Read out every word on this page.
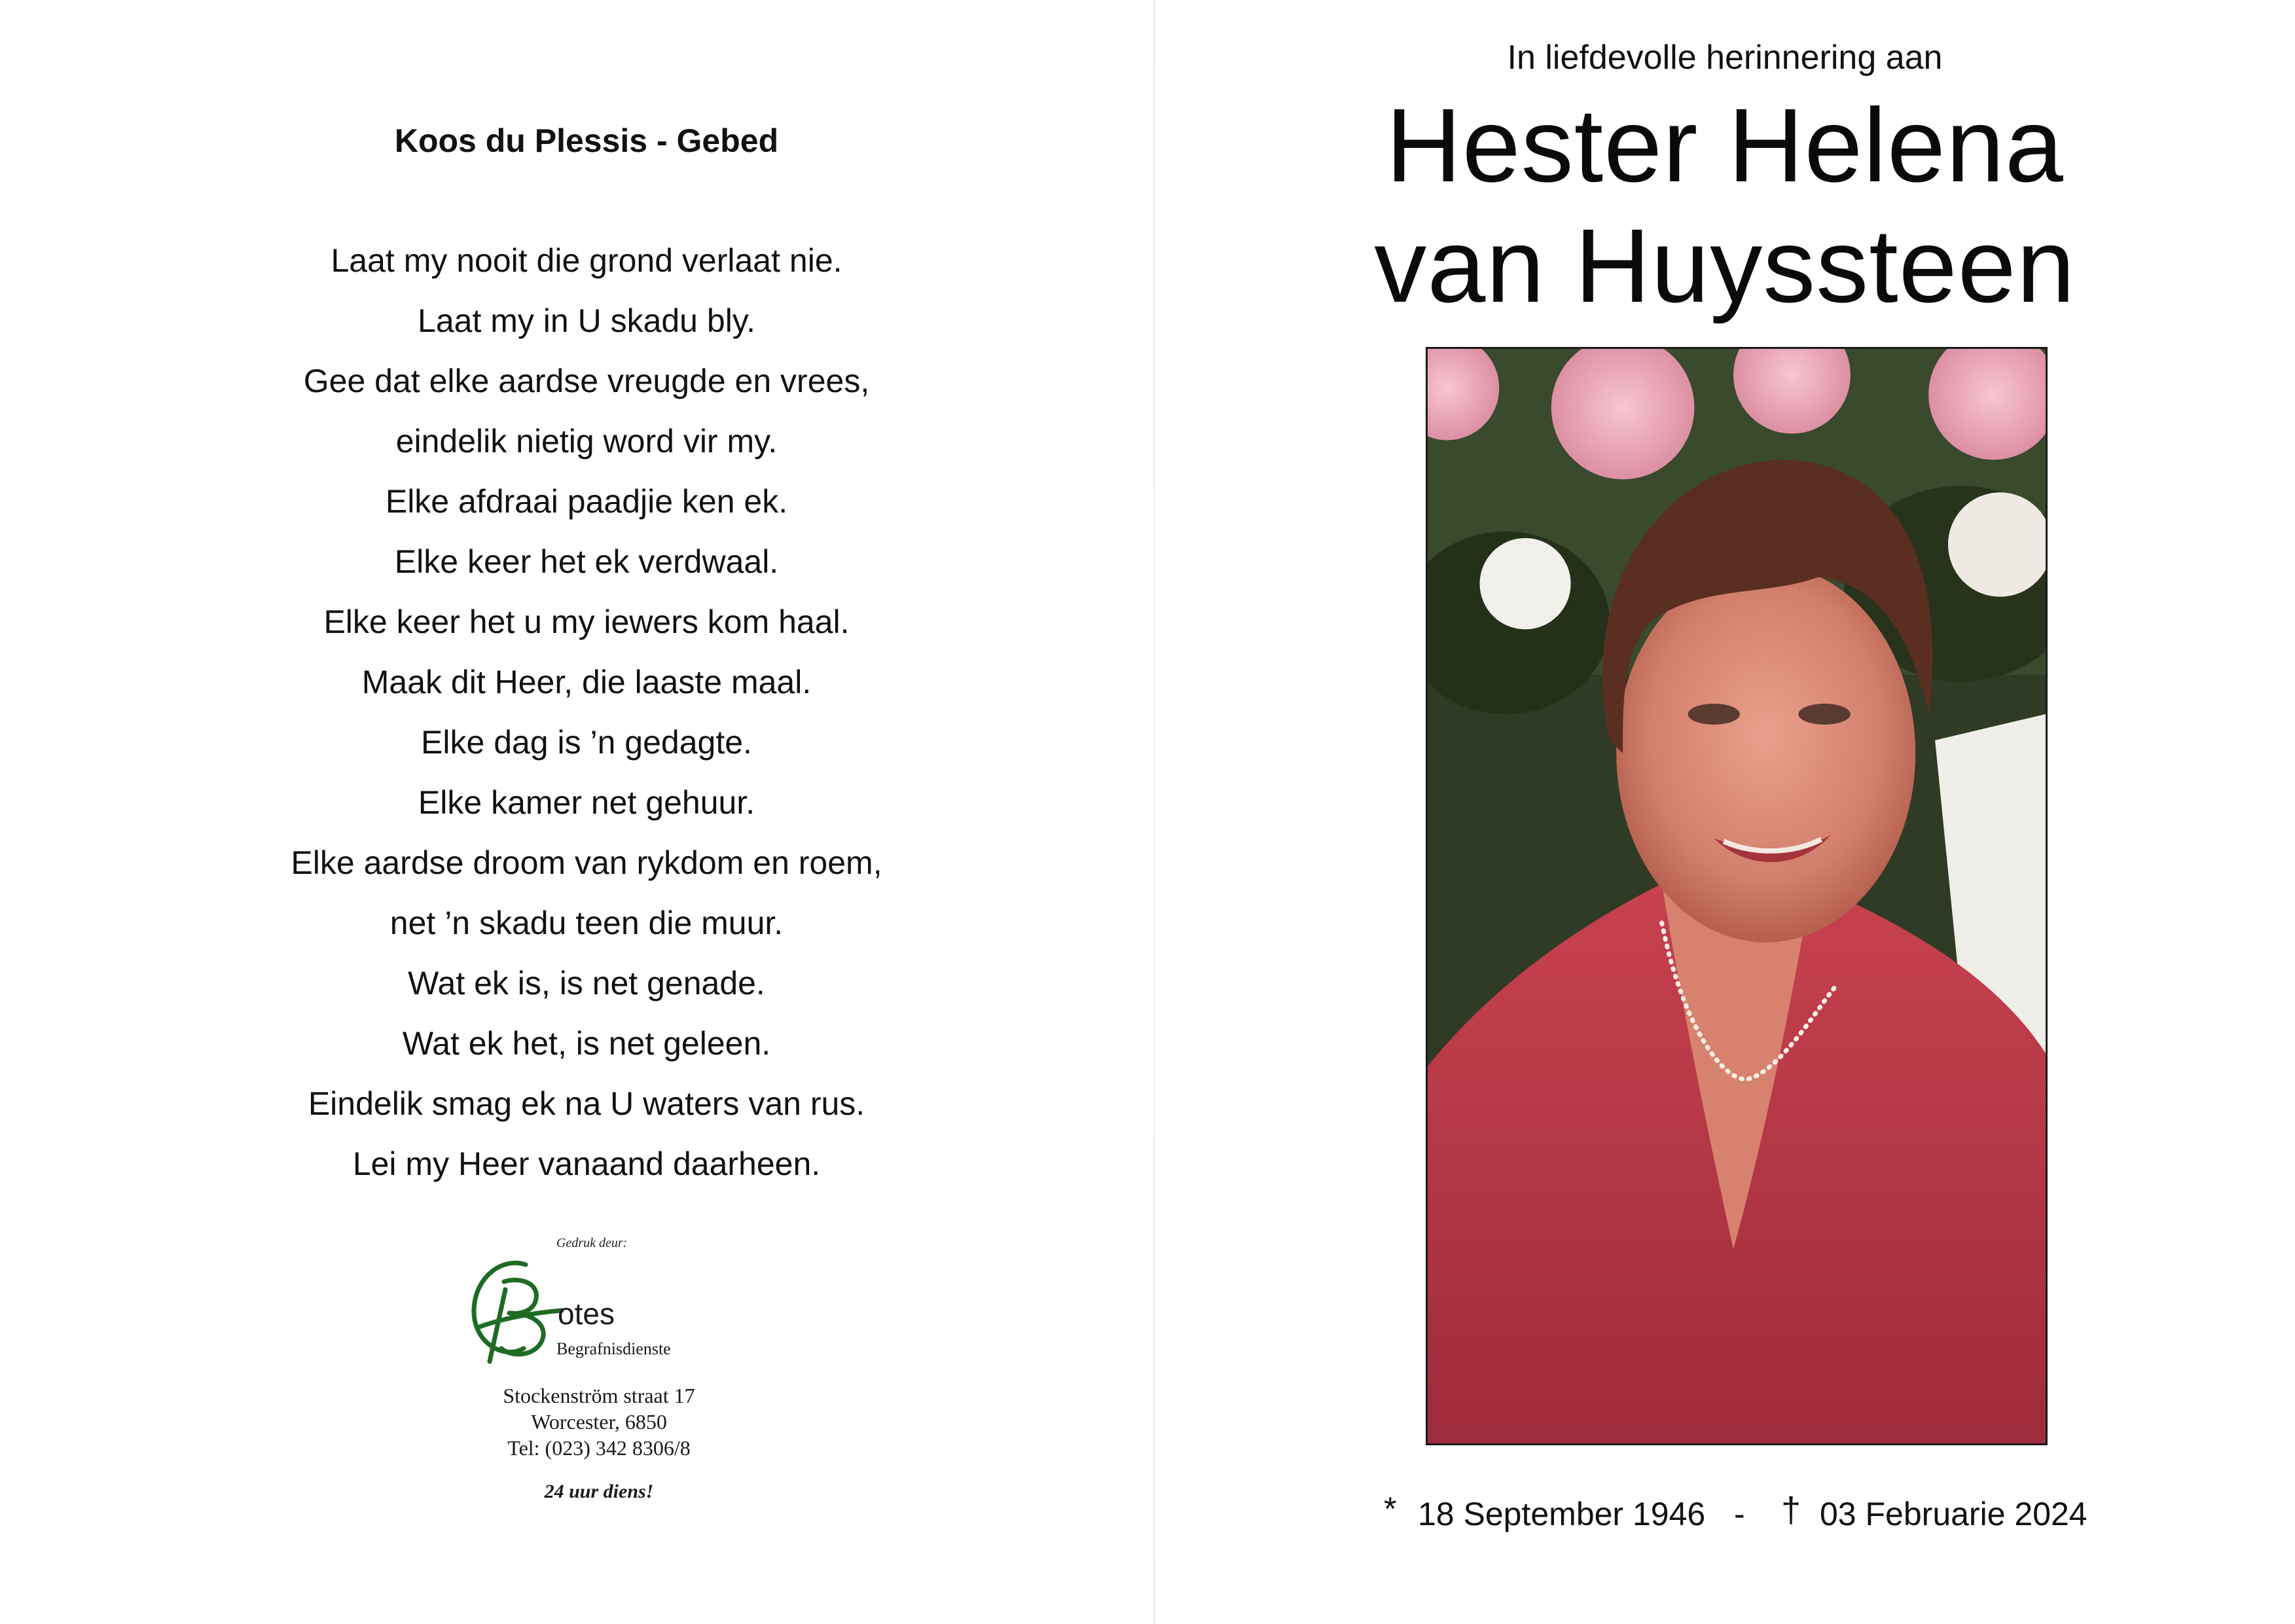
Koos du Plessis - Gebed
Laat my nooit die grond verlaat nie.
Laat my in U skadu bly.
Gee dat elke aardse vreugde en vrees,
eindelik nietig word vir my.
Elke afdraai paadjie ken ek.
Elke keer het ek verdwaal.
Elke keer het u my iewers kom haal.
Maak dit Heer, die laaste maal.
Elke dag is ’n gedagte.
Elke kamer net gehuur.
Elke aardse droom van rykdom en roem,
net ’n skadu teen die muur.
Wat ek is, is net genade.
Wat ek het, is net geleen.
Eindelik smag ek na U waters van rus.
Lei my Heer vanaand daarheen.
Gedruk deur:
otes
Begrafnisdienste
Stockenström straat 17
Worcester, 6850
Tel: (023) 342 8306/8
24 uur diens!
In liefdevolle herinnering aan
Hester Helena
van Huyssteen
* 18 September 1946 - † 03 Februarie 2024
